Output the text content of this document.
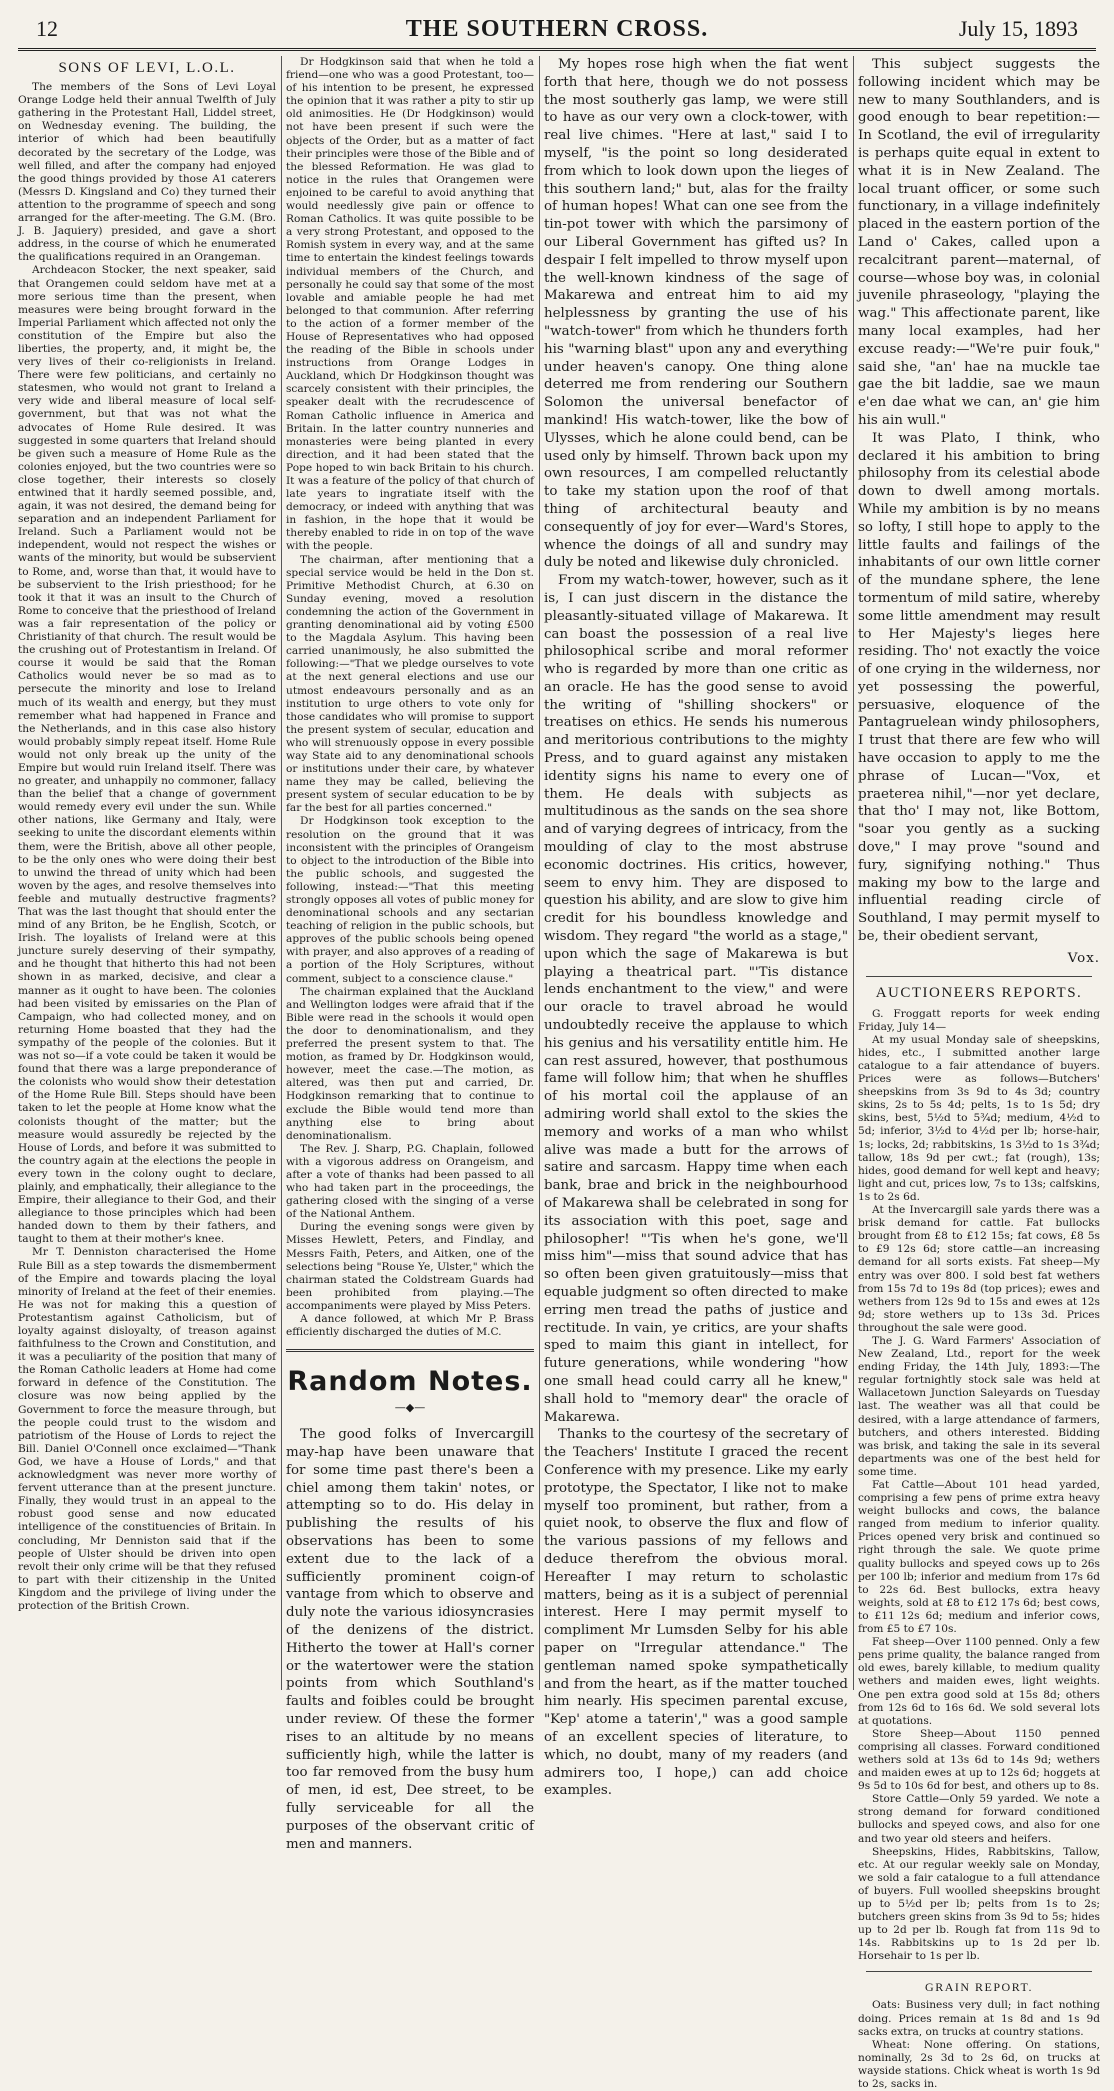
12	THE SOUTHERN CROSS.	July 15, 1893
SONS OF LEVI, L.O.L.

The members of the Sons of Levi Loyal Orange Lodge held their annual Twelfth of July gathering in the Protestant Hall, Liddel street, on Wednesday evening. The building, the interior of which had been beautifully decorated by the secretary of the Lodge, was well filled, and after the company had enjoyed the good things provided by those A1 caterers (Messrs D. Kingsland and Co) they turned their attention to the programme of speech and song arranged for the after-meeting. The G.M. (Bro. J. B. Jaquiery) presided, and gave a short address, in the course of which he enumerated the qualifications required in an Orangeman.

Archdeacon Stocker, the next speaker, said that Orangemen could seldom have met at a more serious time than the present, when measures were being brought forward in the Imperial Parliament which affected not only the constitution of the Empire but also the liberties, the property, and, it might be, the very lives of their co-religionists in Ireland. There were few politicians, and certainly no statesmen, who would not grant to Ireland a very wide and liberal measure of local self-government, but that was not what the advocates of Home Rule desired. It was suggested in some quarters that Ireland should be given such a measure of Home Rule as the colonies enjoyed, but the two countries were so close together, their interests so closely entwined that it hardly seemed possible, and, again, it was not desired, the demand being for separation and an independent Parliament for Ireland. Such a Parliament would not be independent, would not respect the wishes or wants of the minority, but would be subservient to Rome, and, worse than that, it would have to be subservient to the Irish priesthood; for he took it that it was an insult to the Church of Rome to conceive that the priesthood of Ireland was a fair representation of the policy or Christianity of that church. The result would be the crushing out of Protestantism in Ireland. Of course it would be said that the Roman Catholics would never be so mad as to persecute the minority and lose to Ireland much of its wealth and energy, but they must remember what had happened in France and the Netherlands, and in this case also history would probably simply repeat itself. Home Rule would not only break up the unity of the Empire but would ruin Ireland itself. There was no greater, and unhappily no commoner, fallacy than the belief that a change of government would remedy every evil under the sun. While other nations, like Germany and Italy, were seeking to unite the discordant elements within them, were the British, above all other people, to be the only ones who were doing their best to unwind the thread of unity which had been woven by the ages, and resolve themselves into feeble and mutually destructive fragments? That was the last thought that should enter the mind of any Briton, be he English, Scotch, or Irish. The loyalists of Ireland were at this juncture surely deserving of their sympathy, and he thought that hitherto this had not been shown in as marked, decisive, and clear a manner as it ought to have been. The colonies had been visited by emissaries on the Plan of Campaign, who had collected money, and on returning Home boasted that they had the sympathy of the people of the colonies. But it was not so—if a vote could be taken it would be found that there was a large preponderance of the colonists who would show their detestation of the Home Rule Bill. Steps should have been taken to let the people at Home know what the colonists thought of the matter; but the measure would assuredly be rejected by the House of Lords, and before it was submitted to the country again at the elections the people in every town in the colony ought to declare, plainly, and emphatically, their allegiance to the Empire, their allegiance to their God, and their allegiance to those principles which had been handed down to them by their fathers, and taught to them at their mother's knee.

Mr T. Denniston characterised the Home Rule Bill as a step towards the dismemberment of the Empire and towards placing the loyal minority of Ireland at the feet of their enemies. He was not for making this a question of Protestantism against Catholicism, but of loyalty against disloyalty, of treason against faithfulness to the Crown and Constitution, and it was a peculiarity of the position that many of the Roman Catholic leaders at Home had come forward in defence of the Constitution. The closure was now being applied by the Government to force the measure through, but the people could trust to the wisdom and patriotism of the House of Lords to reject the Bill. Daniel O'Connell once exclaimed—"Thank God, we have a House of Lords," and that acknowledgment was never more worthy of fervent utterance than at the present juncture. Finally, they would trust in an appeal to the robust good sense and now educated intelligence of the constituencies of Britain. In concluding, Mr Denniston said that if the people of Ulster should be driven into open revolt their only crime will be that they refused to part with their citizenship in the United Kingdom and the privilege of living under the protection of the British Crown.

Dr Hodgkinson said that when he told a friend—one who was a good Protestant, too—of his intention to be present, he expressed the opinion that it was rather a pity to stir up old animosities. He (Dr Hodgkinson) would not have been present if such were the objects of the Order, but as a matter of fact their principles were those of the Bible and of the blessed Reformation. He was glad to notice in the rules that Orangemen were enjoined to be careful to avoid anything that would needlessly give pain or offence to Roman Catholics. It was quite possible to be a very strong Protestant, and opposed to the Romish system in every way, and at the same time to entertain the kindest feelings towards individual members of the Church, and personally he could say that some of the most lovable and amiable people he had met belonged to that communion. After referring to the action of a former member of the House of Representatives who had opposed the reading of the Bible in schools under instructions from Orange Lodges in Auckland, which Dr Hodgkinson thought was scarcely consistent with their principles, the speaker dealt with the recrudescence of Roman Catholic influence in America and Britain. In the latter country nunneries and monasteries were being planted in every direction, and it had been stated that the Pope hoped to win back Britain to his church. It was a feature of the policy of that church of late years to ingratiate itself with the democracy, or indeed with anything that was in fashion, in the hope that it would be thereby enabled to ride in on top of the wave with the people.

The chairman, after mentioning that a special service would be held in the Don st. Primitive Methodist Church, at 6.30 on Sunday evening, moved a resolution condemning the action of the Government in granting denominational aid by voting £500 to the Magdala Asylum. This having been carried unanimously, he also submitted the following:—"That we pledge ourselves to vote at the next general elections and use our utmost endeavours personally and as an institution to urge others to vote only for those candidates who will promise to support the present system of secular, education and who will strenuously oppose in every possible way State aid to any denominational schools or institutions under their care, by whatever name they may be called, believing the present system of secular education to be by far the best for all parties concerned."

Dr Hodgkinson took exception to the resolution on the ground that it was inconsistent with the principles of Orangeism to object to the introduction of the Bible into the public schools, and suggested the following, instead:—"That this meeting strongly opposes all votes of public money for denominational schools and any sectarian teaching of religion in the public schools, but approves of the public schools being opened with prayer, and also approves of a reading of a portion of the Holy Scriptures, without comment, subject to a conscience clause."

The chairman explained that the Auckland and Wellington lodges were afraid that if the Bible were read in the schools it would open the door to denominationalism, and they preferred the present system to that. The motion, as framed by Dr. Hodgkinson would, however, meet the case.—The motion, as altered, was then put and carried, Dr. Hodgkinson remarking that to continue to exclude the Bible would tend more than anything else to bring about denominationalism.

The Rev. J. Sharp, P.G. Chaplain, followed with a vigorous address on Orangeism, and after a vote of thanks had been passed to all who had taken part in the proceedings, the gathering closed with the singing of a verse of the National Anthem.

During the evening songs were given by Misses Hewlett, Peters, and Findlay, and Messrs Faith, Peters, and Aitken, one of the selections being "Rouse Ye, Ulster," which the chairman stated the Coldstream Guards had been prohibited from playing.—The accompaniments were played by Miss Peters.

A dance followed, at which Mr P. Brass efficiently discharged the duties of M.C.

Random Notes.
—◆—

The good folks of Invercargill may-hap have been unaware that for some time past there's been a chiel among them takin' notes, or attempting so to do. His delay in publishing the results of his observations has been to some extent due to the lack of a sufficiently prominent coign-of vantage from which to observe and duly note the various idiosyncrasies of the denizens of the district. Hitherto the tower at Hall's corner or the watertower were the station points from which Southland's faults and foibles could be brought under review. Of these the former rises to an altitude by no means sufficiently high, while the latter is too far removed from the busy hum of men, id est, Dee street, to be fully serviceable for all the purposes of the observant critic of men and manners.

My hopes rose high when the fiat went forth that here, though we do not possess the most southerly gas lamp, we were still to have as our very own a clock-tower, with real live chimes. "Here at last," said I to myself, "is the point so long desiderated from which to look down upon the lieges of this southern land;" but, alas for the frailty of human hopes! What can one see from the tin-pot tower with which the parsimony of our Liberal Government has gifted us? In despair I felt impelled to throw myself upon the well-known kindness of the sage of Makarewa and entreat him to aid my helplessness by granting the use of his "watch-tower" from which he thunders forth his "warning blast" upon any and everything under heaven's canopy. One thing alone deterred me from rendering our Southern Solomon the universal benefactor of mankind! His watch-tower, like the bow of Ulysses, which he alone could bend, can be used only by himself. Thrown back upon my own resources, I am compelled reluctantly to take my station upon the roof of that thing of architectural beauty and consequently of joy for ever—Ward's Stores, whence the doings of all and sundry may duly be noted and likewise duly chronicled.

From my watch-tower, however, such as it is, I can just discern in the distance the pleasantly-situated village of Makarewa. It can boast the possession of a real live philosophical scribe and moral reformer who is regarded by more than one critic as an oracle. He has the good sense to avoid the writing of "shilling shockers" or treatises on ethics. He sends his numerous and meritorious contributions to the mighty Press, and to guard against any mistaken identity signs his name to every one of them. He deals with subjects as multitudinous as the sands on the sea shore and of varying degrees of intricacy, from the moulding of clay to the most abstruse economic doctrines. His critics, however, seem to envy him. They are disposed to question his ability, and are slow to give him credit for his boundless knowledge and wisdom. They regard "the world as a stage," upon which the sage of Makarewa is but playing a theatrical part. "'Tis distance lends enchantment to the view," and were our oracle to travel abroad he would undoubtedly receive the applause to which his genius and his versatility entitle him. He can rest assured, however, that posthumous fame will follow him; that when he shuffles of his mortal coil the applause of an admiring world shall extol to the skies the memory and works of a man who whilst alive was made a butt for the arrows of satire and sarcasm. Happy time when each bank, brae and brick in the neighbourhood of Makarewa shall be celebrated in song for its association with this poet, sage and philosopher! "'Tis when he's gone, we'll miss him"—miss that sound advice that has so often been given gratuitously—miss that equable judgment so often directed to make erring men tread the paths of justice and rectitude. In vain, ye critics, are your shafts sped to maim this giant in intellect, for future generations, while wondering "how one small head could carry all he knew," shall hold to "memory dear" the oracle of Makarewa.

Thanks to the courtesy of the secretary of the Teachers' Institute I graced the recent Conference with my presence. Like my early prototype, the Spectator, I like not to make myself too prominent, but rather, from a quiet nook, to observe the flux and flow of the various passions of my fellows and deduce therefrom the obvious moral. Hereafter I may return to scholastic matters, being as it is a subject of perennial interest. Here I may permit myself to compliment Mr Lumsden Selby for his able paper on "Irregular attendance." The gentleman named spoke sympathetically and from the heart, as if the matter touched him nearly. His specimen parental excuse, "Kep' atome a taterin'," was a good sample of an excellent species of literature, to which, no doubt, many of my readers (and admirers too, I hope,) can add choice examples.

This subject suggests the following incident which may be new to many Southlanders, and is good enough to bear repetition:—In Scotland, the evil of irregularity is perhaps quite equal in extent to what it is in New Zealand. The local truant officer, or some such functionary, in a village indefinitely placed in the eastern portion of the Land o' Cakes, called upon a recalcitrant parent—maternal, of course—whose boy was, in colonial juvenile phraseology, "playing the wag." This affectionate parent, like many local examples, had her excuse ready:—"We're puir fouk," said she, "an' hae na muckle tae gae the bit laddie, sae we maun e'en dae what we can, an' gie him his ain wull."

It was Plato, I think, who declared it his ambition to bring philosophy from its celestial abode down to dwell among mortals. While my ambition is by no means so lofty, I still hope to apply to the little faults and failings of the inhabitants of our own little corner of the mundane sphere, the lene tormentum of mild satire, whereby some little amendment may result to Her Majesty's lieges here residing. Tho' not exactly the voice of one crying in the wilderness, nor yet possessing the powerful, persuasive, eloquence of the Pantagruelean windy philosophers, I trust that there are few who will have occasion to apply to me the phrase of Lucan—"Vox, et praeterea nihil,"—nor yet declare, that tho' I may not, like Bottom, "soar you gently as a sucking dove," I may prove "sound and fury, signifying nothing." Thus making my bow to the large and influential reading circle of Southland, I may permit myself to be, their obedient servant,

Vox.
AUCTIONEERS REPORTS.

G. Froggatt reports for week ending Friday, July 14—

At my usual Monday sale of sheepskins, hides, etc., I submitted another large catalogue to a fair attendance of buyers. Prices were as follows—Butchers' sheepskins from 3s 9d to 4s 3d; country skins, 2s to 5s 4d; pelts, 1s to 1s 5d; dry skins, best, 5½d to 5¾d; medium, 4½d to 5d; inferior, 3½d to 4½d per lb; horse-hair, 1s; locks, 2d; rabbitskins, 1s 3½d to 1s 3¾d; tallow, 18s 9d per cwt.; fat (rough), 13s; hides, good demand for well kept and heavy; light and cut, prices low, 7s to 13s; calfskins, 1s to 2s 6d.

At the Invercargill sale yards there was a brisk demand for cattle. Fat bullocks brought from £8 to £12 15s; fat cows, £8 5s to £9 12s 6d; store cattle—an increasing demand for all sorts exists. Fat sheep—My entry was over 800. I sold best fat wethers from 15s 7d to 19s 8d (top prices); ewes and wethers from 12s 9d to 15s and ewes at 12s 9d; store wethers up to 13s 3d. Prices throughout the sale were good.

The J. G. Ward Farmers' Association of New Zealand, Ltd., report for the week ending Friday, the 14th July, 1893:—The regular fortnightly stock sale was held at Wallacetown Junction Saleyards on Tuesday last. The weather was all that could be desired, with a large attendance of farmers, butchers, and others interested. Bidding was brisk, and taking the sale in its several departments was one of the best held for some time.

Fat Cattle—About 101 head yarded, comprising a few pens of prime extra heavy weight bullocks and cows, the balance ranged from medium to inferior quality. Prices opened very brisk and continued so right through the sale. We quote prime quality bullocks and speyed cows up to 26s per 100 lb; inferior and medium from 17s 6d to 22s 6d. Best bullocks, extra heavy weights, sold at £8 to £12 17s 6d; best cows, to £11 12s 6d; medium and inferior cows, from £5 to £7 10s.

Fat sheep—Over 1100 penned. Only a few pens prime quality, the balance ranged from old ewes, barely killable, to medium quality wethers and maiden ewes, light weights. One pen extra good sold at 15s 8d; others from 12s 6d to 16s 6d. We sold several lots at quotations.

Store Sheep—About 1150 penned comprising all classes. Forward conditioned wethers sold at 13s 6d to 14s 9d; wethers and maiden ewes at up to 12s 6d; hoggets at 9s 5d to 10s 6d for best, and others up to 8s.

Store Cattle—Only 59 yarded. We note a strong demand for forward conditioned bullocks and speyed cows, and also for one and two year old steers and heifers.

Sheepskins, Hides, Rabbitskins, Tallow, etc. At our regular weekly sale on Monday, we sold a fair catalogue to a full attendance of buyers. Full woolled sheepskins brought up to 5½d per lb; pelts from 1s to 2s; butchers green skins from 3s 9d to 5s; hides up to 2d per lb. Rough fat from 11s 9d to 14s. Rabbitskins up to 1s 2d per lb. Horsehair to 1s per lb.

GRAIN REPORT.

Oats: Business very dull; in fact nothing doing. Prices remain at 1s 8d and 1s 9d sacks extra, on trucks at country stations.

Wheat: None offering. On stations, nominally, 2s 3d to 2s 6d, on trucks at wayside stations. Chick wheat is worth 1s 9d to 2s, sacks in.
